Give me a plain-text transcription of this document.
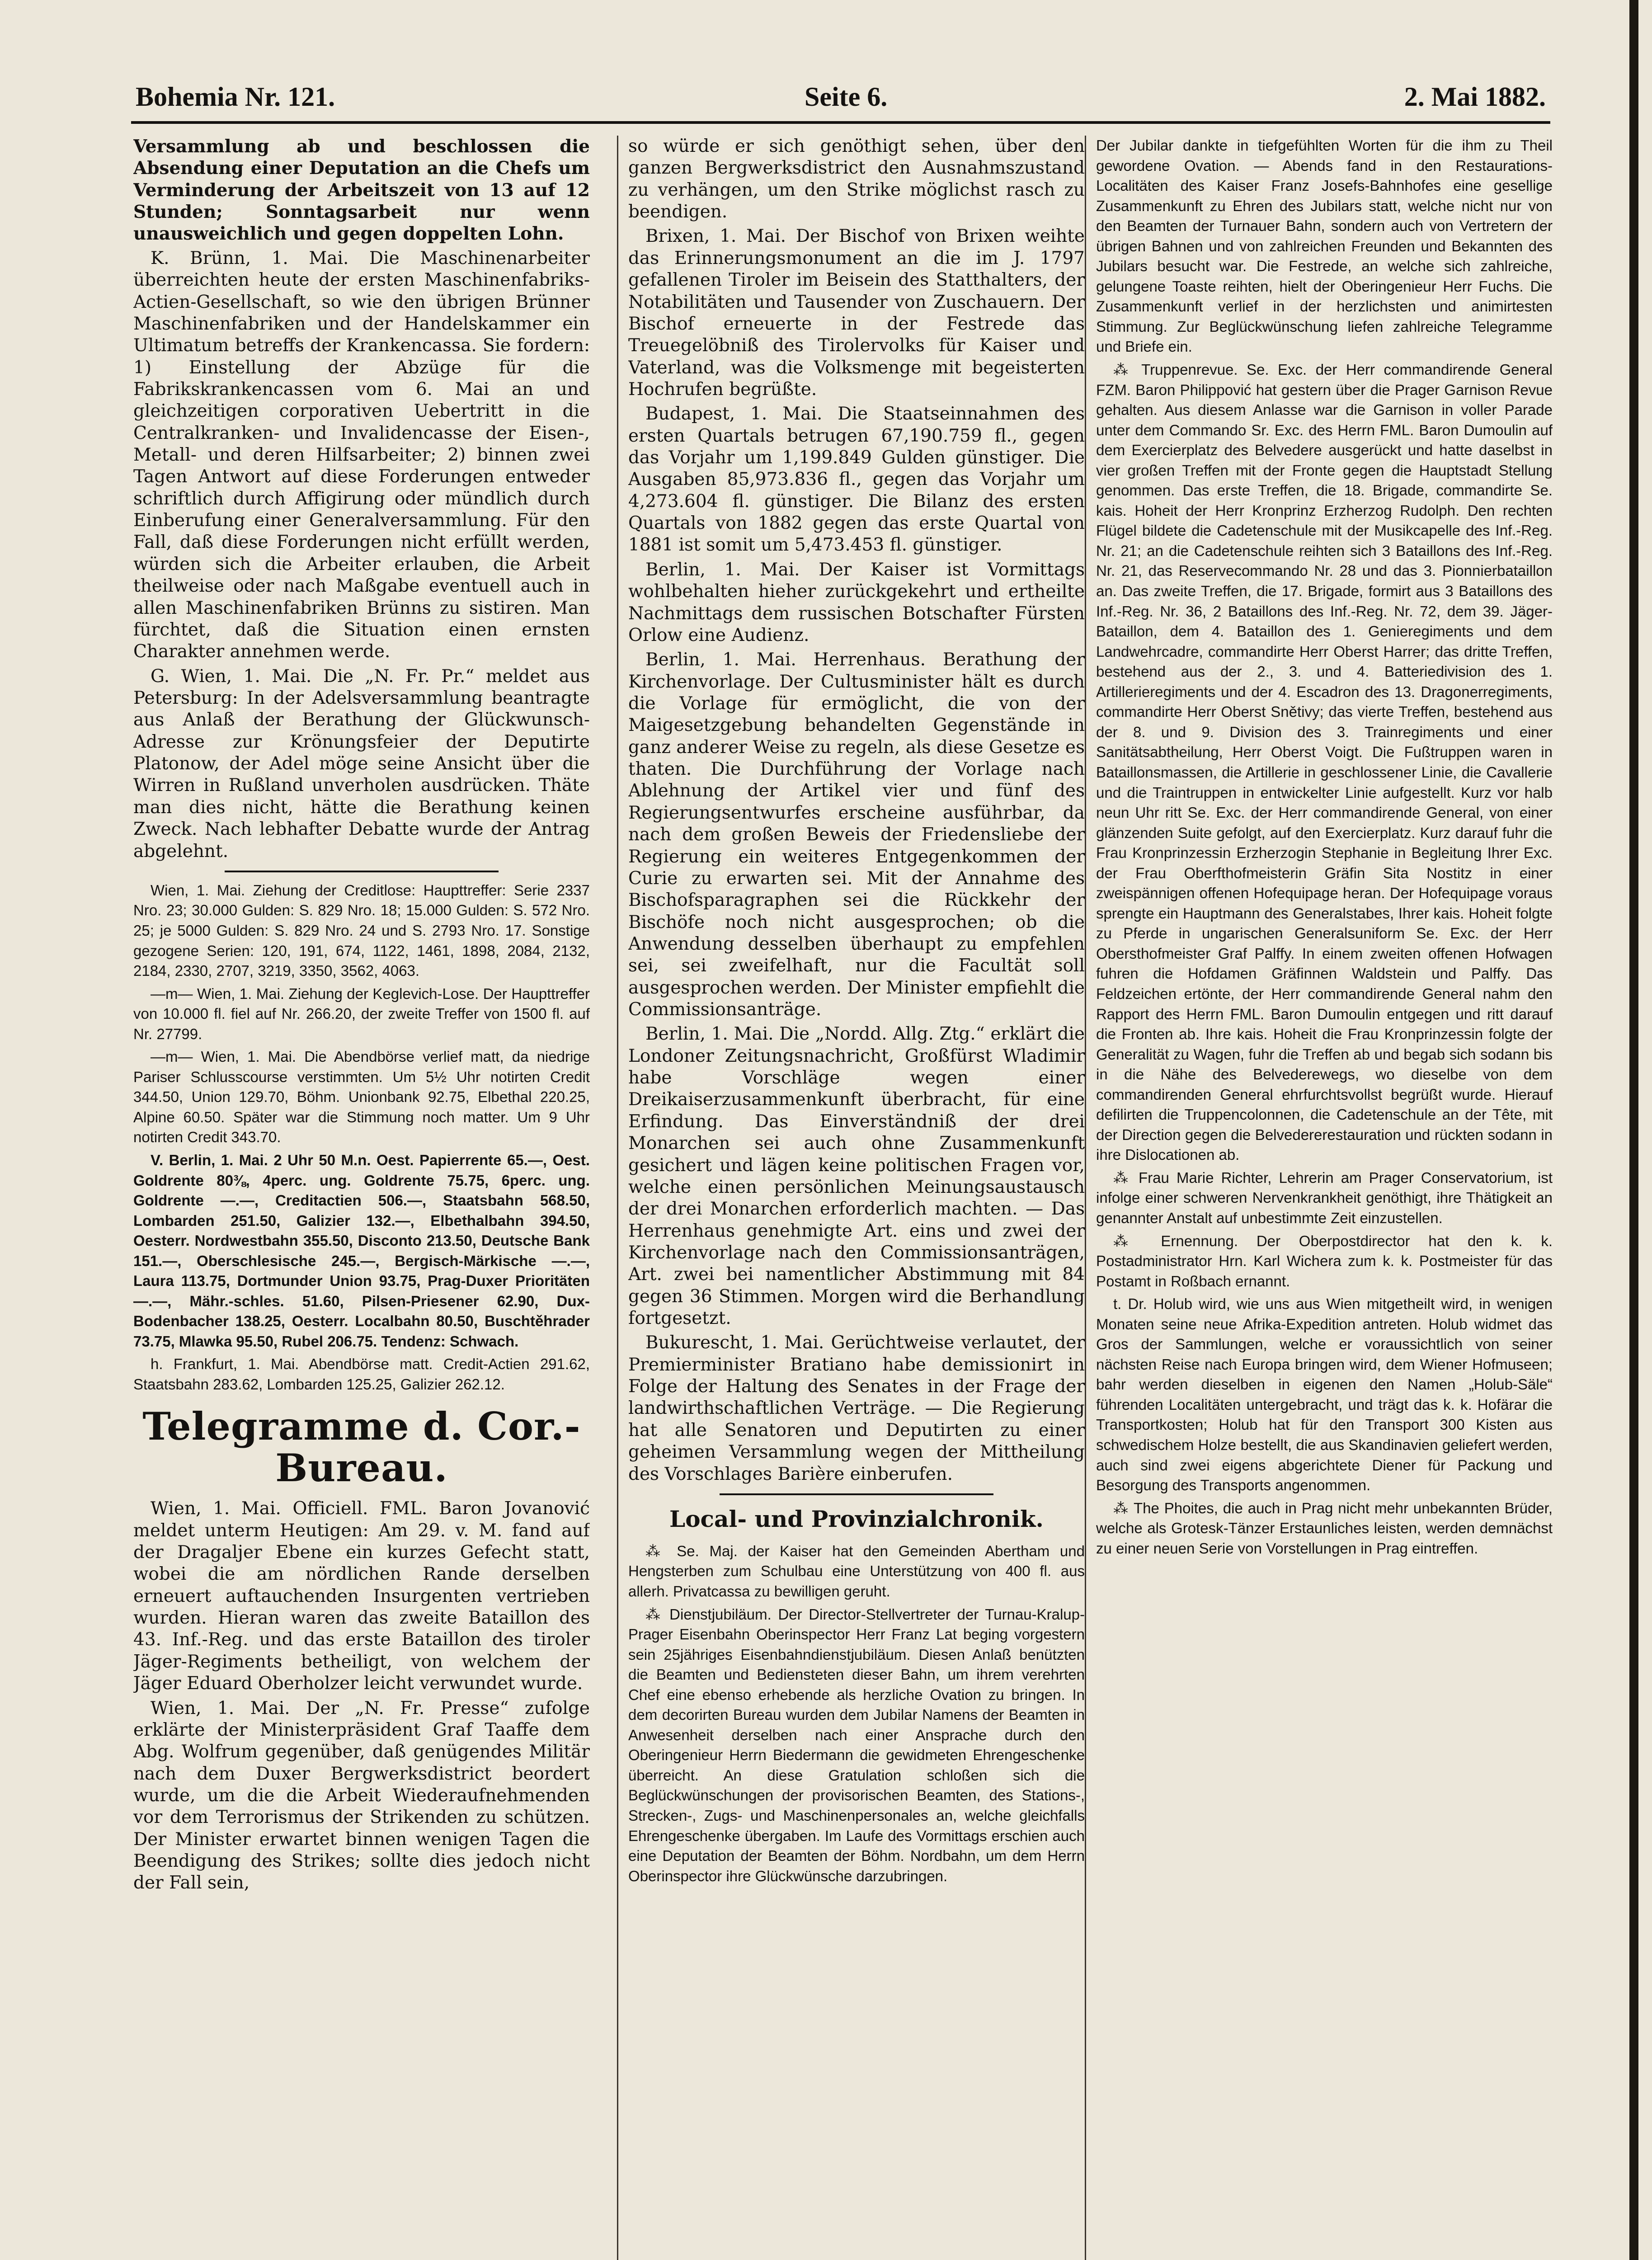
Bohemia Nr. 121.	Seite 6.	2. Mai 1882.

Versammlung ab und beschlossen die Absendung einer Deputation an die Chefs um Verminderung der Arbeitszeit von 13 auf 12 Stunden; Sonntagsarbeit nur wenn unausweichlich und gegen doppelten Lohn.

K. Brünn, 1. Mai. Die Maschinenarbeiter überreichten heute der ersten Maschinenfabriks-Actien-Gesellschaft, so wie den übrigen Brünner Maschinenfabriken und der Handelskammer ein Ultimatum betreffs der Krankencassa. Sie fordern: 1) Einstellung der Abzüge für die Fabrikskrankencassen vom 6. Mai an und gleichzeitigen corporativen Uebertritt in die Centralkranken- und Invalidencasse der Eisen-, Metall- und deren Hilfsarbeiter; 2) binnen zwei Tagen Antwort auf diese Forderungen entweder schriftlich durch Affigirung oder mündlich durch Einberufung einer Generalversammlung. Für den Fall, daß diese Forderungen nicht erfüllt werden, würden sich die Arbeiter erlauben, die Arbeit theilweise oder nach Maßgabe eventuell auch in allen Maschinenfabriken Brünns zu sistiren. Man fürchtet, daß die Situation einen ernsten Charakter annehmen werde.

G. Wien, 1. Mai. Die „N. Fr. Pr.“ meldet aus Petersburg: In der Adelsversammlung beantragte aus Anlaß der Berathung der Glückwunsch-Adresse zur Krönungsfeier der Deputirte Platonow, der Adel möge seine Ansicht über die Wirren in Rußland unverholen ausdrücken. Thäte man dies nicht, hätte die Berathung keinen Zweck. Nach lebhafter Debatte wurde der Antrag abgelehnt.

Wien, 1. Mai. Ziehung der Creditlose: Haupttreffer: Serie 2337 Nro. 23; 30.000 Gulden: S. 829 Nro. 18; 15.000 Gulden: S. 572 Nro. 25; je 5000 Gulden: S. 829 Nro. 24 und S. 2793 Nro. 17. Sonstige gezogene Serien: 120, 191, 674, 1122, 1461, 1898, 2084, 2132, 2184, 2330, 2707, 3219, 3350, 3562, 4063.

—m— Wien, 1. Mai. Ziehung der Keglevich-Lose. Der Haupttreffer von 10.000 fl. fiel auf Nr. 266.20, der zweite Treffer von 1500 fl. auf Nr. 27799.

—m— Wien, 1. Mai. Die Abendbörse verlief matt, da niedrige Pariser Schlusscourse verstimmten. Um 5½ Uhr notirten Credit 344.50, Union 129.70, Böhm. Unionbank 92.75, Elbethal 220.25, Alpine 60.50. Später war die Stimmung noch matter. Um 9 Uhr notirten Credit 343.70.

V. Berlin, 1. Mai. 2 Uhr 50 M.n. Oest. Papierrente 65.—, Oest. Goldrente 80⅜, 4perc. ung. Goldrente 75.75, 6perc. ung. Goldrente —.—, Creditactien 506.—, Staatsbahn 568.50, Lombarden 251.50, Galizier 132.—, Elbethalbahn 394.50, Oesterr. Nordwestbahn 355.50, Disconto 213.50, Deutsche Bank 151.—, Oberschlesische 245.—, Bergisch-Märkische —.—, Laura 113.75, Dortmunder Union 93.75, Prag-Duxer Prioritäten —.—, Mähr.-schles. 51.60, Pilsen-Priesener 62.90, Dux-Bodenbacher 138.25, Oesterr. Localbahn 80.50, Buschtěhrader 73.75, Mlawka 95.50, Rubel 206.75. Tendenz: Schwach.

h. Frankfurt, 1. Mai. Abendbörse matt. Credit-Actien 291.62, Staatsbahn 283.62, Lombarden 125.25, Galizier 262.12.

Telegramme d. Cor.-Bureau.

Wien, 1. Mai. Officiell. FML. Baron Jovanović meldet unterm Heutigen: Am 29. v. M. fand auf der Dragaljer Ebene ein kurzes Gefecht statt, wobei die am nördlichen Rande derselben erneuert auftauchenden Insurgenten vertrieben wurden. Hieran waren das zweite Bataillon des 43. Inf.-Reg. und das erste Bataillon des tiroler Jäger-Regiments betheiligt, von welchem der Jäger Eduard Oberholzer leicht verwundet wurde.

Wien, 1. Mai. Der „N. Fr. Presse“ zufolge erklärte der Ministerpräsident Graf Taaffe dem Abg. Wolfrum gegenüber, daß genügendes Militär nach dem Duxer Bergwerksdistrict beordert wurde, um die die Arbeit Wiederaufnehmenden vor dem Terrorismus der Strikenden zu schützen. Der Minister erwartet binnen wenigen Tagen die Beendigung des Strikes; sollte dies jedoch nicht der Fall sein,

so würde er sich genöthigt sehen, über den ganzen Bergwerksdistrict den Ausnahmszustand zu verhängen, um den Strike möglichst rasch zu beendigen.

Brixen, 1. Mai. Der Bischof von Brixen weihte das Erinnerungsmonument an die im J. 1797 gefallenen Tiroler im Beisein des Statthalters, der Notabilitäten und Tausender von Zuschauern. Der Bischof erneuerte in der Festrede das Treuegelöbniß des Tirolervolks für Kaiser und Vaterland, was die Volksmenge mit begeisterten Hochrufen begrüßte.

Budapest, 1. Mai. Die Staatseinnahmen des ersten Quartals betrugen 67,190.759 fl., gegen das Vorjahr um 1,199.849 Gulden günstiger. Die Ausgaben 85,973.836 fl., gegen das Vorjahr um 4,273.604 fl. günstiger. Die Bilanz des ersten Quartals von 1882 gegen das erste Quartal von 1881 ist somit um 5,473.453 fl. günstiger.

Berlin, 1. Mai. Der Kaiser ist Vormittags wohlbehalten hieher zurückgekehrt und ertheilte Nachmittags dem russischen Botschafter Fürsten Orlow eine Audienz.

Berlin, 1. Mai. Herrenhaus. Berathung der Kirchenvorlage. Der Cultusminister hält es durch die Vorlage für ermöglicht, die von der Maigesetzgebung behandelten Gegenstände in ganz anderer Weise zu regeln, als diese Gesetze es thaten. Die Durchführung der Vorlage nach Ablehnung der Artikel vier und fünf des Regierungsentwurfes erscheine ausführbar, da nach dem großen Beweis der Friedensliebe der Regierung ein weiteres Entgegenkommen der Curie zu erwarten sei. Mit der Annahme des Bischofsparagraphen sei die Rückkehr der Bischöfe noch nicht ausgesprochen; ob die Anwendung desselben überhaupt zu empfehlen sei, sei zweifelhaft, nur die Facultät soll ausgesprochen werden. Der Minister empfiehlt die Commissionsanträge.

Berlin, 1. Mai. Die „Nordd. Allg. Ztg.“ erklärt die Londoner Zeitungsnachricht, Großfürst Wladimir habe Vorschläge wegen einer Dreikaiserzusammenkunft überbracht, für eine Erfindung. Das Einverständniß der drei Monarchen sei auch ohne Zusammenkunft gesichert und lägen keine politischen Fragen vor, welche einen persönlichen Meinungsaustausch der drei Monarchen erforderlich machten. — Das Herrenhaus genehmigte Art. eins und zwei der Kirchenvorlage nach den Commissionsanträgen, Art. zwei bei namentlicher Abstimmung mit 84 gegen 36 Stimmen. Morgen wird die Berhandlung fortgesetzt.

Bukurescht, 1. Mai. Gerüchtweise verlautet, der Premierminister Bratiano habe demissionirt in Folge der Haltung des Senates in der Frage der landwirthschaftlichen Verträge. — Die Regierung hat alle Senatoren und Deputirten zu einer geheimen Versammlung wegen der Mittheilung des Vorschlages Barière einberufen.

Local- und Provinzialchronik.

⁂ Se. Maj. der Kaiser hat den Gemeinden Abertham und Hengsterben zum Schulbau eine Unterstützung von 400 fl. aus allerh. Privatcassa zu bewilligen geruht.

⁂ Dienstjubiläum. Der Director-Stellvertreter der Turnau-Kralup-Prager Eisenbahn Oberinspector Herr Franz Lat beging vorgestern sein 25jähriges Eisenbahndienstjubiläum. Diesen Anlaß benützten die Beamten und Bediensteten dieser Bahn, um ihrem verehrten Chef eine ebenso erhebende als herzliche Ovation zu bringen. In dem decorirten Bureau wurden dem Jubilar Namens der Beamten in Anwesenheit derselben nach einer Ansprache durch den Oberingenieur Herrn Biedermann die gewidmeten Ehrengeschenke überreicht. An diese Gratulation schloßen sich die Beglückwünschungen der provisorischen Beamten, des Stations-, Strecken-, Zugs- und Maschinenpersonales an, welche gleichfalls Ehrengeschenke übergaben. Im Laufe des Vormittags erschien auch eine Deputation der Beamten der Böhm. Nordbahn, um dem Herrn Oberinspector ihre Glückwünsche darzubringen.

Der Jubilar dankte in tiefgefühlten Worten für die ihm zu Theil gewordene Ovation. — Abends fand in den Restaurations-Localitäten des Kaiser Franz Josefs-Bahnhofes eine gesellige Zusammenkunft zu Ehren des Jubilars statt, welche nicht nur von den Beamten der Turnauer Bahn, sondern auch von Vertretern der übrigen Bahnen und von zahlreichen Freunden und Bekannten des Jubilars besucht war. Die Festrede, an welche sich zahlreiche, gelungene Toaste reihten, hielt der Oberingenieur Herr Fuchs. Die Zusammenkunft verlief in der herzlichsten und animirtesten Stimmung. Zur Beglückwünschung liefen zahlreiche Telegramme und Briefe ein.

⁂ Truppenrevue. Se. Exc. der Herr commandirende General FZM. Baron Philippović hat gestern über die Prager Garnison Revue gehalten. Aus diesem Anlasse war die Garnison in voller Parade unter dem Commando Sr. Exc. des Herrn FML. Baron Dumoulin auf dem Exercierplatz des Belvedere ausgerückt und hatte daselbst in vier großen Treffen mit der Fronte gegen die Hauptstadt Stellung genommen. Das erste Treffen, die 18. Brigade, commandirte Se. kais. Hoheit der Herr Kronprinz Erzherzog Rudolph. Den rechten Flügel bildete die Cadetenschule mit der Musikcapelle des Inf.-Reg. Nr. 21; an die Cadetenschule reihten sich 3 Bataillons des Inf.-Reg. Nr. 21, das Reservecommando Nr. 28 und das 3. Pionnierbataillon an. Das zweite Treffen, die 17. Brigade, formirt aus 3 Bataillons des Inf.-Reg. Nr. 36, 2 Bataillons des Inf.-Reg. Nr. 72, dem 39. Jäger-Bataillon, dem 4. Bataillon des 1. Genieregiments und dem Landwehrcadre, commandirte Herr Oberst Harrer; das dritte Treffen, bestehend aus der 2., 3. und 4. Batteriedivision des 1. Artillerieregiments und der 4. Escadron des 13. Dragonerregiments, commandirte Herr Oberst Snětivy; das vierte Treffen, bestehend aus der 8. und 9. Division des 3. Trainregiments und einer Sanitätsabtheilung, Herr Oberst Voigt. Die Fußtruppen waren in Bataillonsmassen, die Artillerie in geschlossener Linie, die Cavallerie und die Traintruppen in entwickelter Linie aufgestellt. Kurz vor halb neun Uhr ritt Se. Exc. der Herr commandirende General, von einer glänzenden Suite gefolgt, auf den Exercierplatz. Kurz darauf fuhr die Frau Kronprinzessin Erzherzogin Stephanie in Begleitung Ihrer Exc. der Frau Oberfthofmeisterin Gräfin Sita Nostitz in einer zweispännigen offenen Hofequipage heran. Der Hofequipage voraus sprengte ein Hauptmann des Generalstabes, Ihrer kais. Hoheit folgte zu Pferde in ungarischen Generalsuniform Se. Exc. der Herr Obersthofmeister Graf Palffy. In einem zweiten offenen Hofwagen fuhren die Hofdamen Gräfinnen Waldstein und Palffy. Das Feldzeichen ertönte, der Herr commandirende General nahm den Rapport des Herrn FML. Baron Dumoulin entgegen und ritt darauf die Fronten ab. Ihre kais. Hoheit die Frau Kronprinzessin folgte der Generalität zu Wagen, fuhr die Treffen ab und begab sich sodann bis in die Nähe des Belvederewegs, wo dieselbe von dem commandirenden General ehrfurchtsvollst begrüßt wurde. Hierauf defilirten die Truppencolonnen, die Cadetenschule an der Tête, mit der Direction gegen die Belvedererestauration und rückten sodann in ihre Dislocationen ab.

⁂ Frau Marie Richter, Lehrerin am Prager Conservatorium, ist infolge einer schweren Nervenkrankheit genöthigt, ihre Thätigkeit an genannter Anstalt auf unbestimmte Zeit einzustellen.

⁂ Ernennung. Der Oberpostdirector hat den k. k. Postadministrator Hrn. Karl Wichera zum k. k. Postmeister für das Postamt in Roßbach ernannt.

t. Dr. Holub wird, wie uns aus Wien mitgetheilt wird, in wenigen Monaten seine neue Afrika-Expedition antreten. Holub widmet das Gros der Sammlungen, welche er voraussichtlich von seiner nächsten Reise nach Europa bringen wird, dem Wiener Hofmuseen; bahr werden dieselben in eigenen den Namen „Holub-Säle“ führenden Localitäten untergebracht, und trägt das k. k. Hofärar die Transportkosten; Holub hat für den Transport 300 Kisten aus schwedischem Holze bestellt, die aus Skandinavien geliefert werden, auch sind zwei eigens abgerichtete Diener für Packung und Besorgung des Transports angenommen.

⁂ The Phoites, die auch in Prag nicht mehr unbekannten Brüder, welche als Grotesk-Tänzer Erstaunliches leisten, werden demnächst zu einer neuen Serie von Vorstellungen in Prag eintreffen.
